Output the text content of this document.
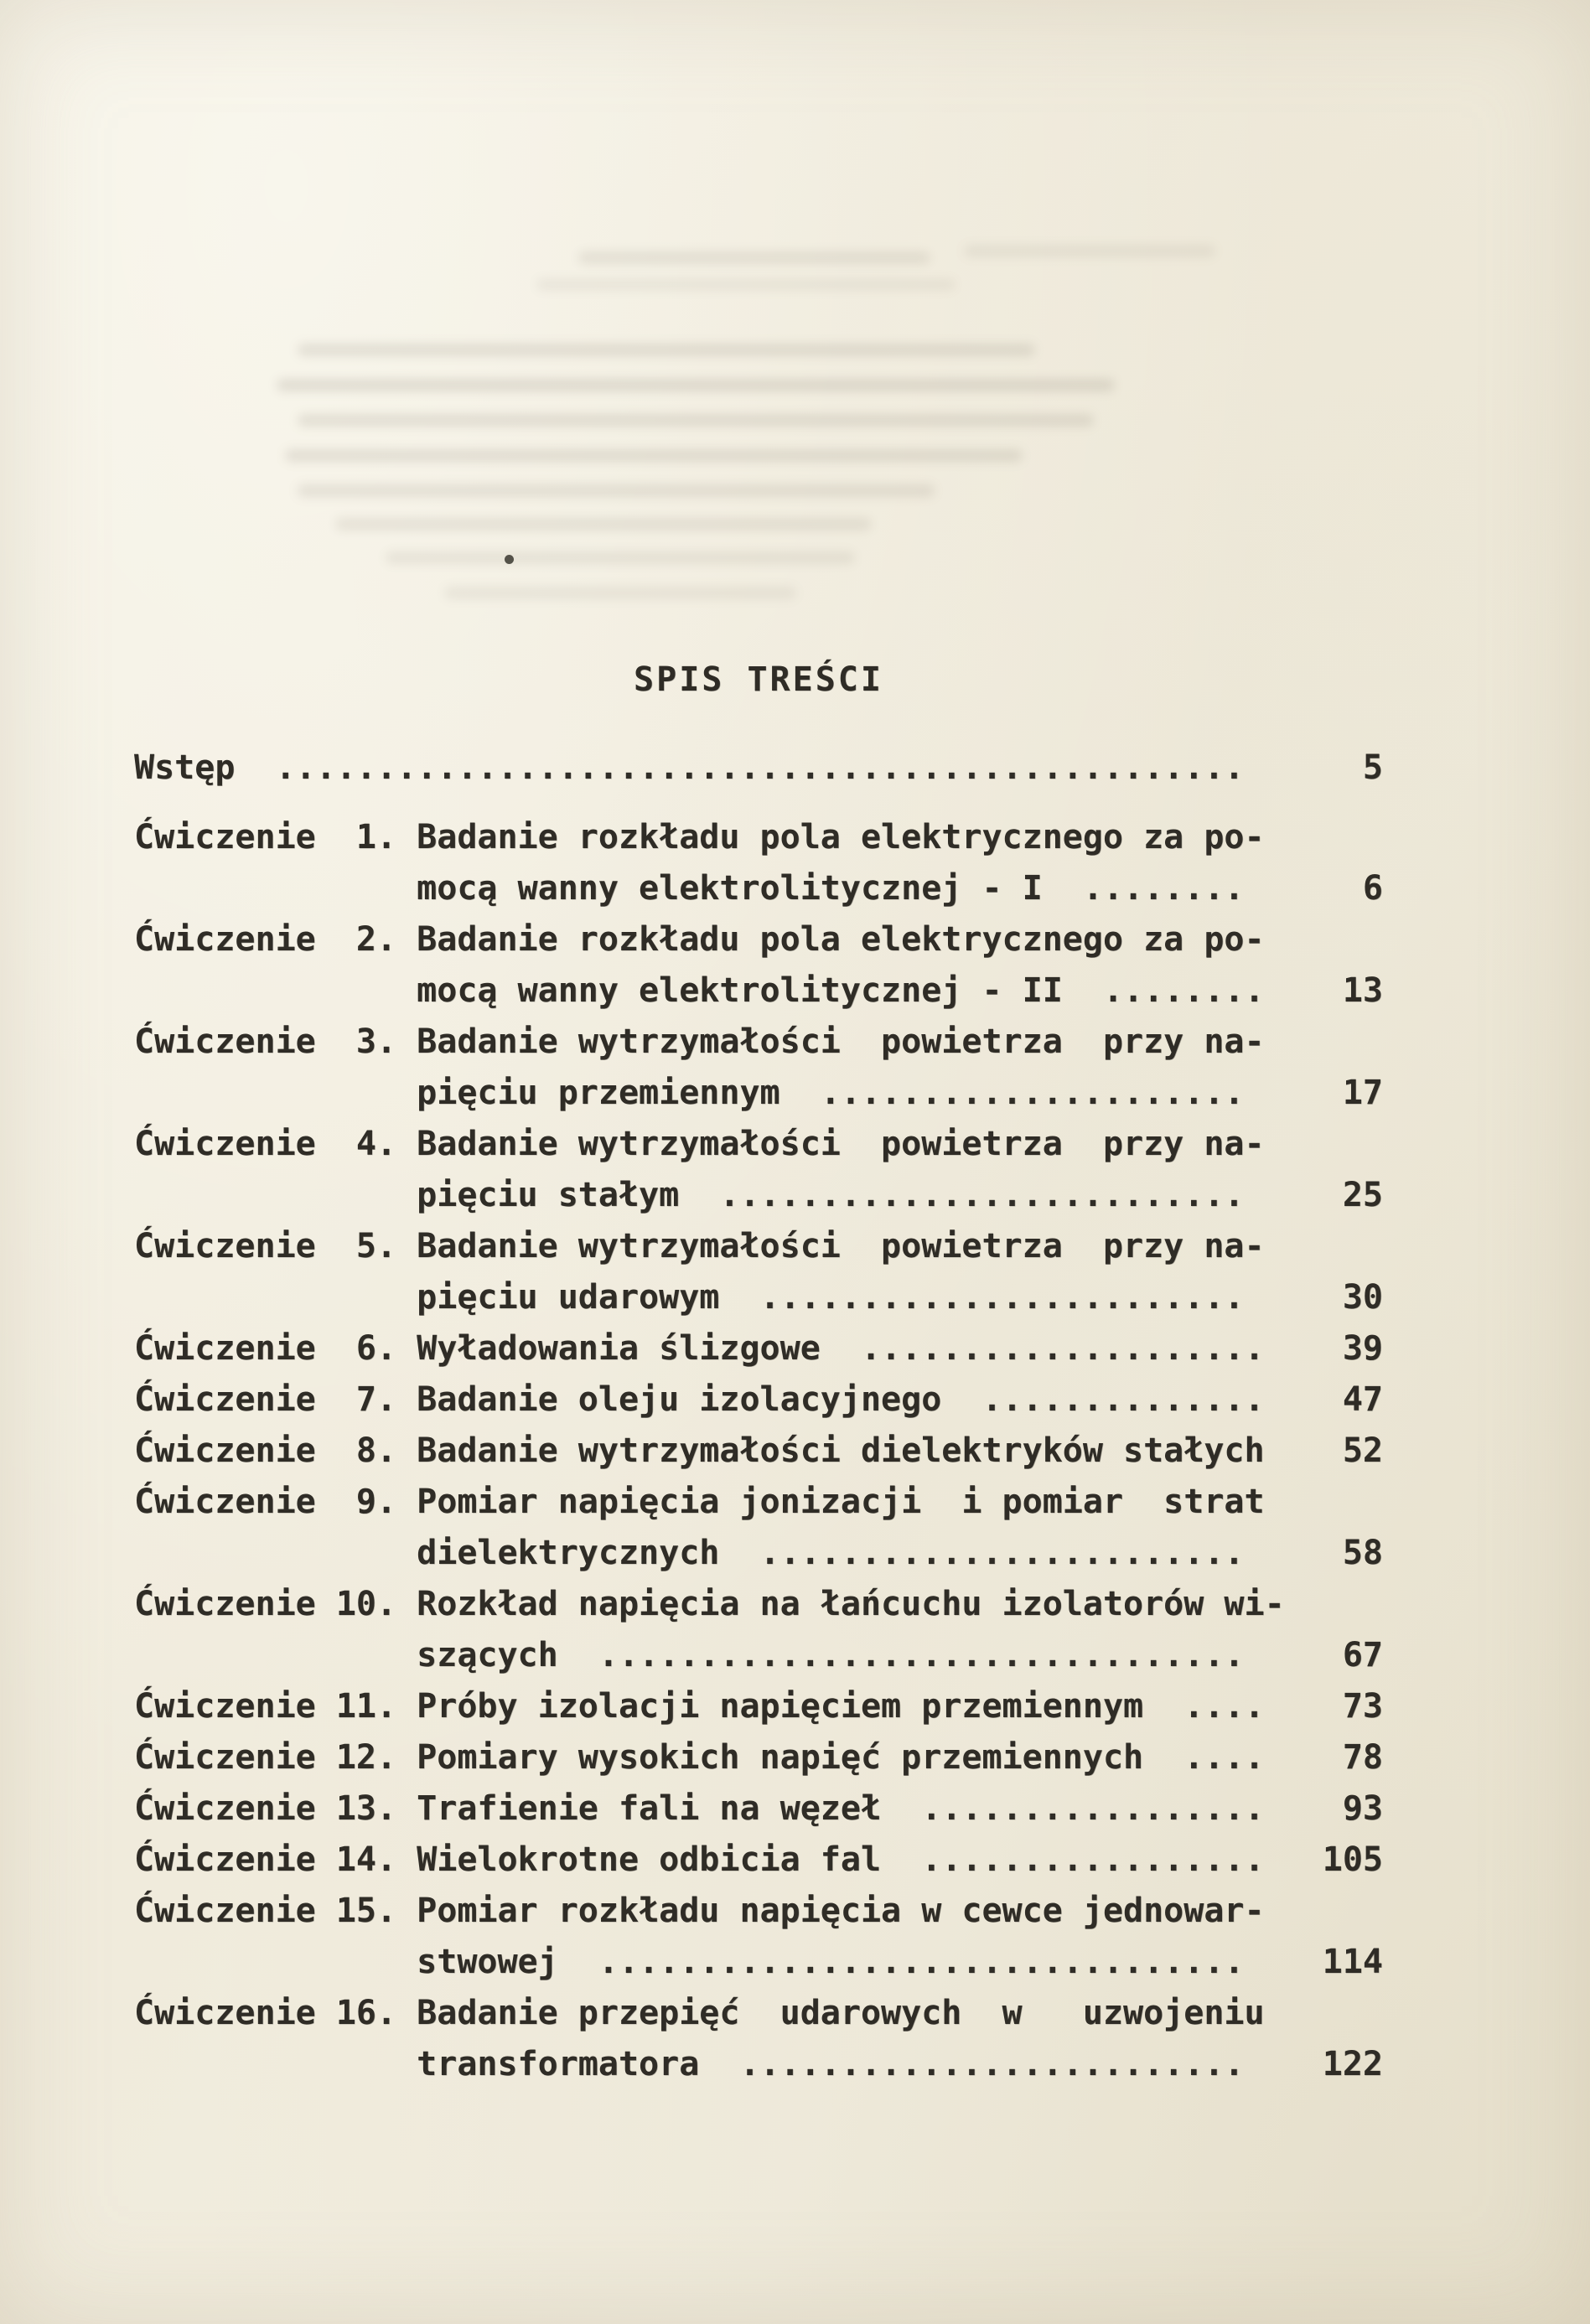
SPIS TREŚCI
Wstęp  ................................................	5
Ćwiczenie  1. Badanie rozkładu pola elektrycznego za po-
mocą wanny elektrolitycznej - I  ........	6
Ćwiczenie  2. Badanie rozkładu pola elektrycznego za po-
mocą wanny elektrolitycznej - II  ........	13
Ćwiczenie  3. Badanie wytrzymałości  powietrza  przy na-
pięciu przemiennym  .....................	17
Ćwiczenie  4. Badanie wytrzymałości  powietrza  przy na-
pięciu stałym  ..........................	25
Ćwiczenie  5. Badanie wytrzymałości  powietrza  przy na-
pięciu udarowym  ........................	30
Ćwiczenie  6. Wyładowania ślizgowe  ....................	39
Ćwiczenie  7. Badanie oleju izolacyjnego  ..............	47
Ćwiczenie  8. Badanie wytrzymałości dielektryków stałych	52
Ćwiczenie  9. Pomiar napięcia jonizacji  i pomiar  strat
dielektrycznych  ........................	58
Ćwiczenie 10. Rozkład napięcia na łańcuchu izolatorów wi-
szących  ................................	67
Ćwiczenie 11. Próby izolacji napięciem przemiennym  ....	73
Ćwiczenie 12. Pomiary wysokich napięć przemiennych  ....	78
Ćwiczenie 13. Trafienie fali na węzeł  .................	93
Ćwiczenie 14. Wielokrotne odbicia fal  .................	105
Ćwiczenie 15. Pomiar rozkładu napięcia w cewce jednowar-
stwowej  ................................	114
Ćwiczenie 16. Badanie przepięć  udarowych  w   uzwojeniu
transformatora  .........................	122
